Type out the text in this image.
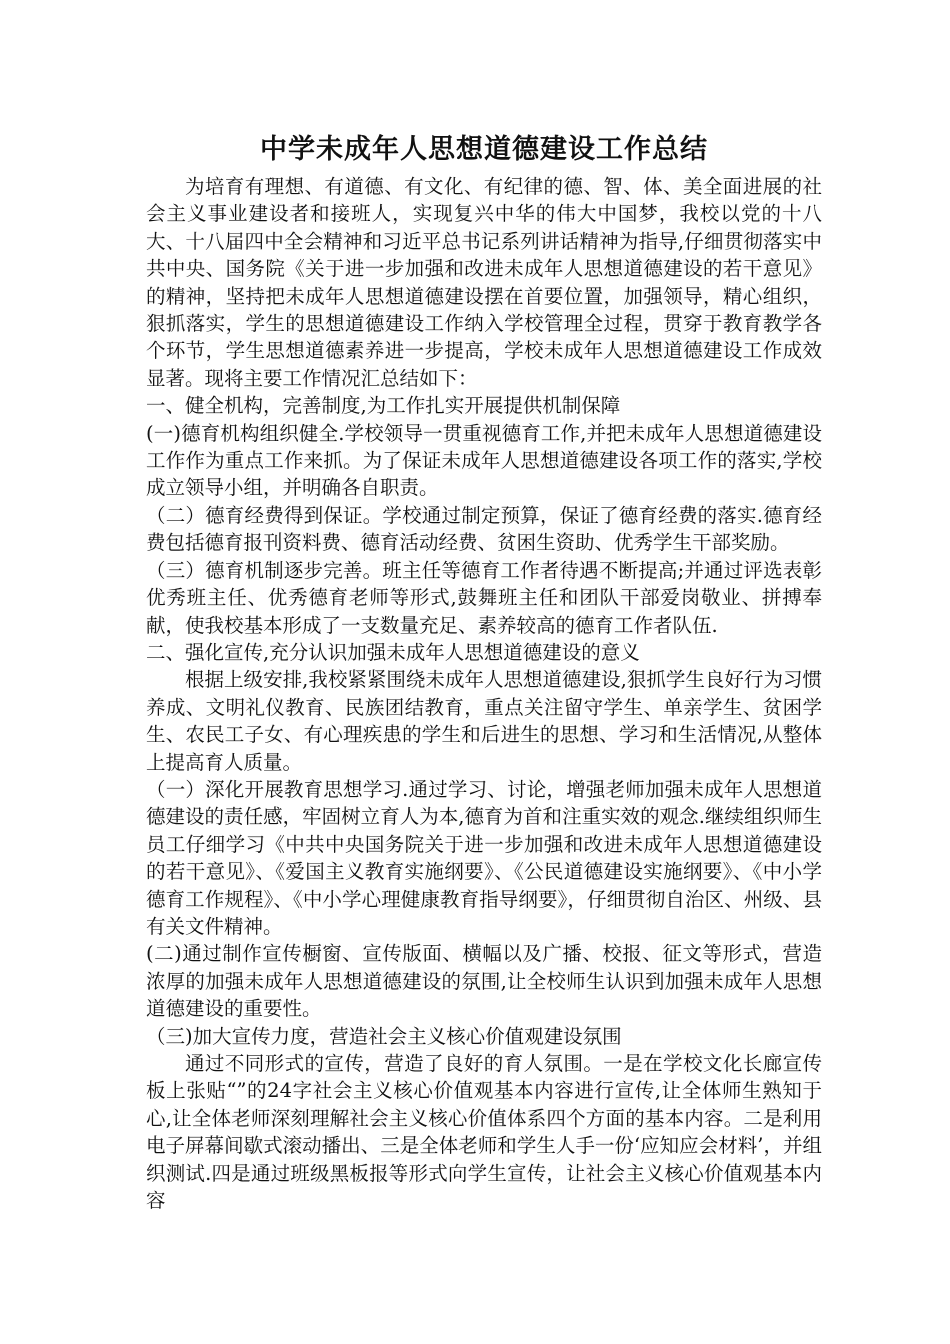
中学未成年人思想道德建设工作总结

为培育有理想、有道德、有文化、有纪律的德、智、体、美全面进展的社会主义事业建设者和接班人，实现复兴中华的伟大中国梦，我校以党的十八大、十八届四中全会精神和习近平总书记系列讲话精神为指导,仔细贯彻落实中共中央、国务院《关于进一步加强和改进未成年人思想道德建设的若干意见》的精神，坚持把未成年人思想道德建设摆在首要位置，加强领导，精心组织，狠抓落实，学生的思想道德建设工作纳入学校管理全过程，贯穿于教育教学各个环节，学生思想道德素养进一步提高，学校未成年人思想道德建设工作成效显著。现将主要工作情况汇总结如下：

一、健全机构，完善制度,为工作扎实开展提供机制保障

(一)德育机构组织健全.学校领导一贯重视德育工作,并把未成年人思想道德建设工作作为重点工作来抓。为了保证未成年人思想道德建设各项工作的落实,学校成立领导小组，并明确各自职责。

（二）德育经费得到保证。学校通过制定预算，保证了德育经费的落实.德育经费包括德育报刊资料费、德育活动经费、贫困生资助、优秀学生干部奖励。

（三）德育机制逐步完善。班主任等德育工作者待遇不断提高;并通过评选表彰优秀班主任、优秀德育老师等形式,鼓舞班主任和团队干部爱岗敬业、拼搏奉献，使我校基本形成了一支数量充足、素养较高的德育工作者队伍.

二、强化宣传,充分认识加强未成年人思想道德建设的意义

根据上级安排,我校紧紧围绕未成年人思想道德建设,狠抓学生良好行为习惯养成、文明礼仪教育、民族团结教育，重点关注留守学生、单亲学生、贫困学生、农民工子女、有心理疾患的学生和后进生的思想、学习和生活情况,从整体上提高育人质量。

（一）深化开展教育思想学习.通过学习、讨论，增强老师加强未成年人思想道德建设的责任感，牢固树立育人为本,德育为首和注重实效的观念.继续组织师生员工仔细学习《中共中央国务院关于进一步加强和改进未成年人思想道德建设的若干意见》、《爱国主义教育实施纲要》、《公民道德建设实施纲要》、《中小学德育工作规程》、《中小学心理健康教育指导纲要》，仔细贯彻自治区、州级、县有关文件精神。

(二)通过制作宣传橱窗、宣传版面、横幅以及广播、校报、征文等形式，营造浓厚的加强未成年人思想道德建设的氛围,让全校师生认识到加强未成年人思想道德建设的重要性。

（三)加大宣传力度，营造社会主义核心价值观建设氛围

通过不同形式的宣传，营造了良好的育人氛围。一是在学校文化长廊宣传板上张贴“”的24字社会主义核心价值观基本内容进行宣传,让全体师生熟知于心,让全体老师深刻理解社会主义核心价值体系四个方面的基本内容。二是利用电子屏幕间歇式滚动播出、三是全体老师和学生人手一份‘应知应会材料’，并组织测试.四是通过班级黑板报等形式向学生宣传，让社会主义核心价值观基本内容
